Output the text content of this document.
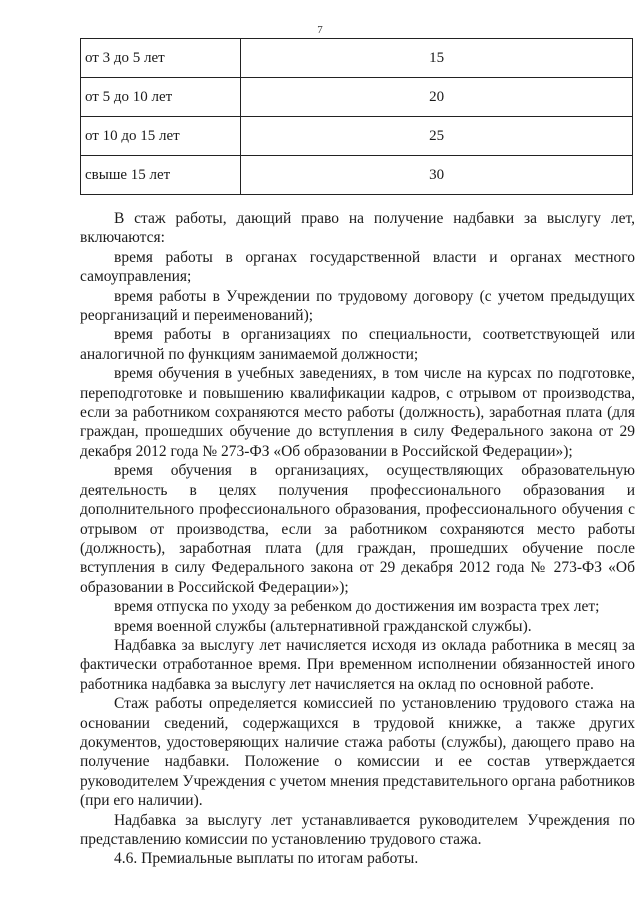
7
от 3 до 5 лет	15
от 5 до 10 лет	20
от 10 до 15 лет	25
свыше 15 лет	30

В стаж работы, дающий право на получение надбавки за выслугу лет, включаются:

время работы в органах государственной власти и органах местного самоуправления;

время работы в Учреждении по трудовому договору (с учетом предыдущих реорганизаций и переименований);

время работы в организациях по специальности, соответствующей или аналогичной по функциям занимаемой должности;

время обучения в учебных заведениях, в том числе на курсах по подготовке, переподготовке и повышению квалификации кадров, с отрывом от производства, если за работником сохраняются место работы (должность), заработная плата (для граждан, прошедших обучение до вступления в силу Федерального закона от 29 декабря 2012 года № 273-ФЗ «Об образовании в Российской Федерации»);

время обучения в организациях, осуществляющих образовательную деятельность в целях получения профессионального образования и дополнительного профессионального образования, профессионального обучения с отрывом от производства, если за работником сохраняются место работы (должность), заработная плата (для граждан, прошедших обучение после вступления в силу Федерального закона от 29 декабря 2012 года № 273-ФЗ «Об образовании в Российской Федерации»);

время отпуска по уходу за ребенком до достижения им возраста трех лет;

время военной службы (альтернативной гражданской службы).

Надбавка за выслугу лет начисляется исходя из оклада работника в месяц за фактически отработанное время. При временном исполнении обязанностей иного работника надбавка за выслугу лет начисляется на оклад по основной работе.

Стаж работы определяется комиссией по установлению трудового стажа на основании сведений, содержащихся в трудовой книжке, а также других документов, удостоверяющих наличие стажа работы (службы), дающего право на получение надбавки. Положение о комиссии и ее состав утверждается руководителем Учреждения с учетом мнения представительного органа работников (при его наличии).

Надбавка за выслугу лет устанавливается руководителем Учреждения по представлению комиссии по установлению трудового стажа.

4.6. Премиальные выплаты по итогам работы.
